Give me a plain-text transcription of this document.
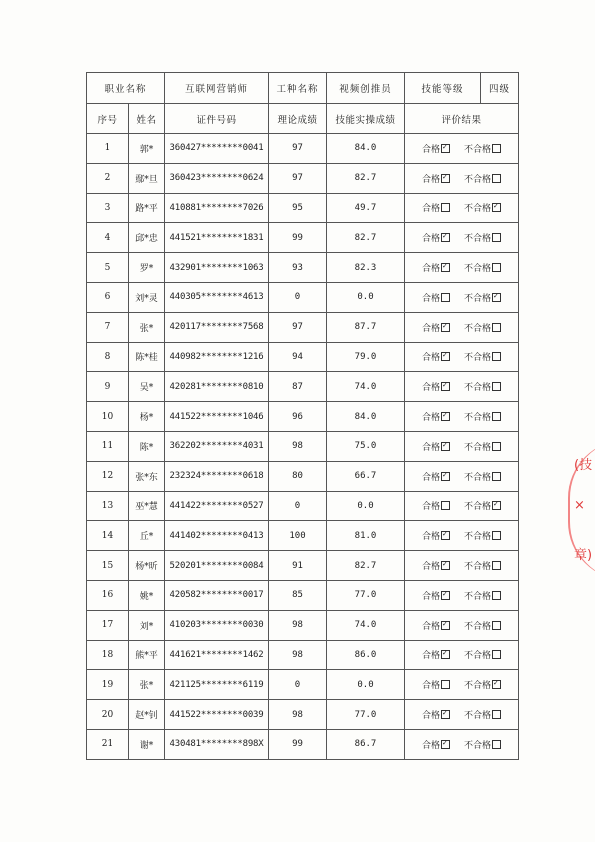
职业名称		互联网营销师	工种名称	视频创推员	技能等级	四级
序号	姓名	证件号码	理论成绩	技能实操成绩	评价结果	
1	郭*	360427********0041	97	84.0	合格 ✓ 不合格

2	鄢*旦	360423********0624	97	82.7	合格 ✓ 不合格

3	路*平	410881********7026	95	49.7	合格 不合格✓

4	邱*忠	441521********1831	99	82.7	合格 ✓ 不合格

5	罗*	432901********1063	93	82.3	合格 ✓ 不合格

6	刘*灵	440305********4613	0	0.0	合格 不合格✓

7	张*	420117********7568	97	87.7	合格 ✓ 不合格

8	陈*桂	440982********1216	94	79.0	合格 ✓ 不合格

9	吴*	420281********0810	87	74.0	合格 ✓ 不合格

10	杨*	441522********1046	96	84.0	合格 ✓ 不合格

11	陈*	362202********4031	98	75.0	合格 ✓ 不合格

12	张*东	232324********0618	80	66.7	合格 ✓ 不合格

13	巫*慧	441422********0527	0	0.0	合格 不合格✓

14	丘*	441402********0413	100	81.0	合格 ✓ 不合格

15	杨*昕	520201********0084	91	82.7	合格 ✓ 不合格

16	姚*	420582********0017	85	77.0	合格 ✓ 不合格

17	刘*	410203********0030	98	74.0	合格 ✓ 不合格

18	熊*平	441621********1462	98	86.0	合格 ✓ 不合格

19	张*	421125********6119	0	0.0	合格 不合格✓

20	赵*钊	441522********0039	98	77.0	合格 ✓ 不合格

21	谢*	430481********898X	99	86.7	合格 ✓ 不合格
(技
×
章)
